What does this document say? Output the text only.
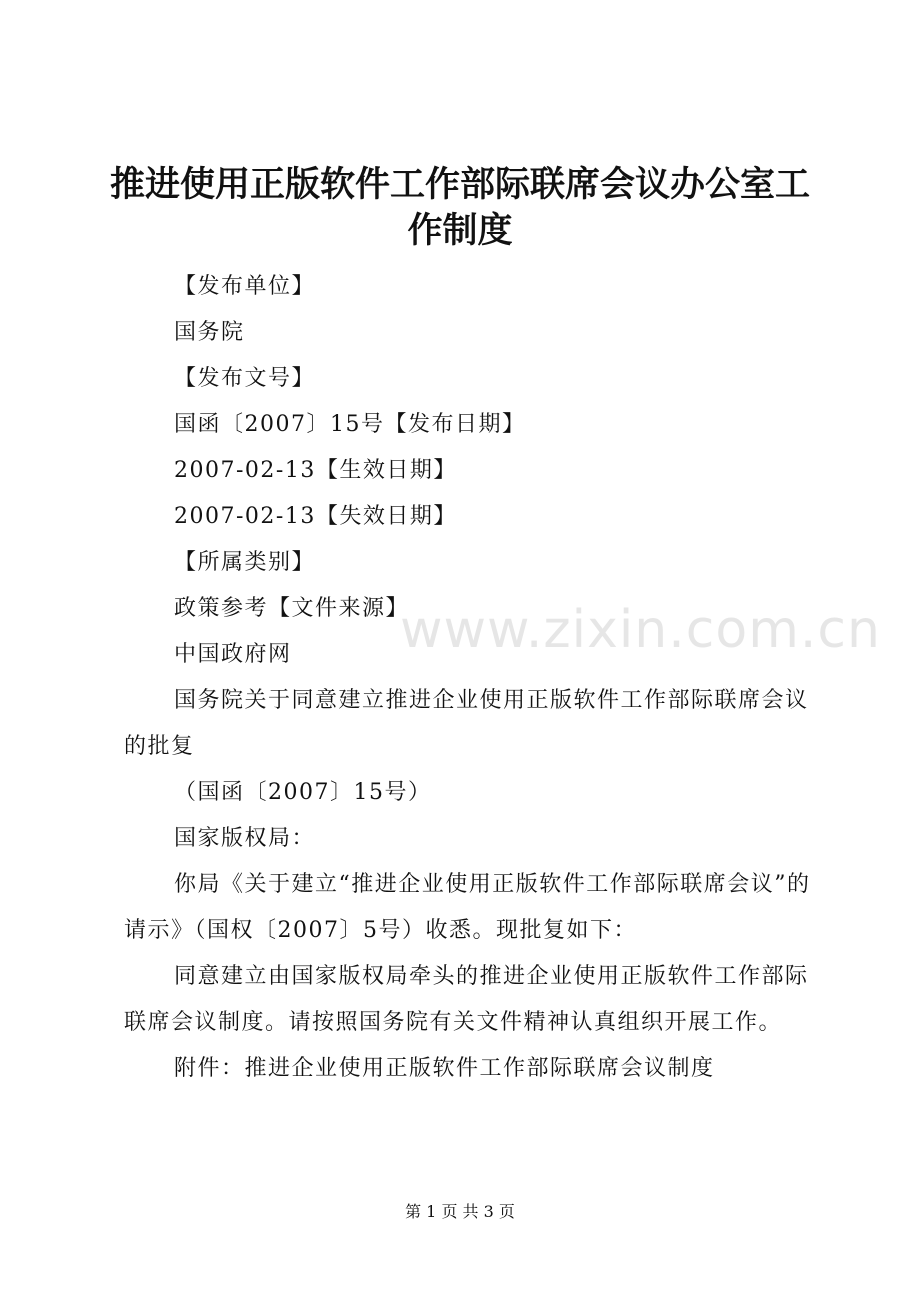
推进使用正版软件工作部际联席会议办公室工作制度

【发布单位】

国务院

【发布文号】

国函〔2007〕15号【发布日期】

2007-02-13【生效日期】

2007-02-13【失效日期】

【所属类别】

政策参考【文件来源】

中国政府网

国务院关于同意建立推进企业使用正版软件工作部际联席会议的批复

（国函〔2007〕15号）

国家版权局：

你局《关于建立“推进企业使用正版软件工作部际联席会议”的请示》（国权〔2007〕5号）收悉。现批复如下：

同意建立由国家版权局牵头的推进企业使用正版软件工作部际联席会议制度。请按照国务院有关文件精神认真组织开展工作。

附件：推进企业使用正版软件工作部际联席会议制度

www.zixin.com.cn
第 1 页 共 3 页
